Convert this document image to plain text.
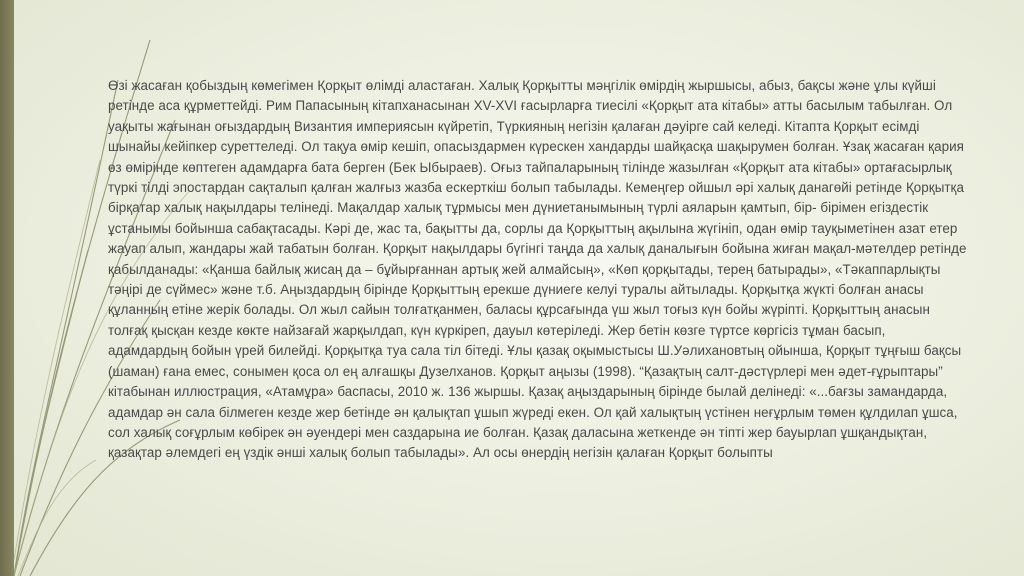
Өзі жасаған қобыздың көмегімен Қорқыт өлімді аластаған. Халық Қорқытты мәңгілік өмірдің жыршысы, абыз, бақсы және ұлы күйші ретінде аса құрметтейді. Рим Папасының кітапханасынан XV-XVI ғасырларға тиесілі «Қорқыт ата кітабы» атты басылым табылған. Ол уақыты жағынан оғыздардың Византия империясын күйретіп, Түркияның негізін қалаған дәуірге сай келеді. Кітапта Қорқыт есімді шынайы кейіпкер суреттеледі. Ол тақуа өмір кешіп, опасыздармен күрескен хандарды шайқасқа шақырумен болған. Ұзақ жасаған қария өз өмірінде көптеген адамдарға бата берген (Бек Ыбыраев). Оғыз тайпаларының тілінде жазылған «Қорқыт ата кітабы» ортағасырлық түркі тілді эпостардан сақталып қалған жалғыз жазба ескерткіш болып табылады. Кемеңгер ойшыл әрі халық данагөйі ретінде Қорқытқа бірқатар халық нақылдары телінеді. Мақалдар халық тұрмысы мен дүниетанымының түрлі аяларын қамтып, бір- бірімен егіздестік ұстанымы бойынша сабақтасады. Кәрі де, жас та, бақытты да, сорлы да Қорқыттың ақылына жүгініп, одан өмір тауқыметінен азат етер жауап алып, жандары жай табатын болған. Қорқыт нақылдары бүгінгі таңда да халық даналығын бойына жиған мақал-мәтелдер ретінде қабылданады: «Қанша байлық жисаң да – бұйырғаннан артық жей алмайсың», «Көп қорқытады, терең батырады», «Тәкаппарлықты тәңірі де сүймес» және т.б. Аңыздардың бірінде Қорқыттың ерекше дүниеге келуі туралы айтылады. Қорқытқа жүкті болған анасы құланның етіне жерік болады. Ол жыл сайын толғатқанмен, баласы құрсағында үш жыл тоғыз күн бойы жүріпті. Қорқыттың анасын толғақ қысқан кезде көкте найзағай жарқылдап, күн күркіреп, дауыл көтеріледі. Жер бетін көзге түртсе көргісіз тұман басып, адамдардың бойын үрей билейді. Қорқытқа туа сала тіл бітеді. Ұлы қазақ оқымыстысы Ш.Уәлихановтың ойынша, Қорқыт тұңғыш бақсы (шаман) ғана емес, сонымен қоса ол ең алғашқы Дузелханов. Қорқыт аңызы (1998). “Қазақтың салт-дәстүрлері мен әдет-ғұрыптары” кітабынан иллюстрация, «Атамұра» баспасы, 2010 ж. 136 жыршы. Қазақ аңыздарының бірінде былай делінеді: «...бағзы замандарда, адамдар ән сала білмеген кезде жер бетінде ән қалықтап ұшып жүреді екен. Ол қай халықтың үстінен неғұрлым төмен құлдилап ұшса, сол халық соғұрлым көбірек ән әуендері мен саздарына ие болған. Қазақ даласына жеткенде ән тіпті жер бауырлап ұшқандықтан, қазақтар әлемдегі ең үздік әнші халық болып табылады». Ал осы өнердің негізін қалаған Қорқыт болыпты
